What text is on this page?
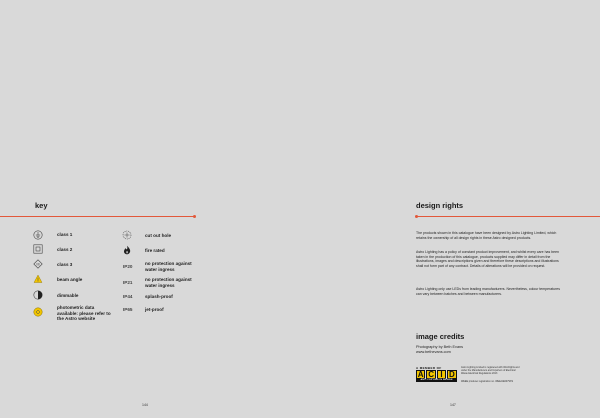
key
III
class 1
class 2
class 3
beam angle
dimmable
photometric data available: please refer to the Astro website
IP20
IP21
IP44
IP65
cut out hole
fire rated
no protection against water ingress
no protection against water ingress
splash-proof
jet-proof
144
design rights
The products shown in this catalogue have been designed by Astro Lighting Limited, which retains the ownership of all design rights in these Astro designed products.
Astro Lighting has a policy of constant product improvement, and whilst every care has been taken in the production of this catalogue, products supplied may differ in detail from the illustrations, images and descriptions given and therefore these descriptions and illustrations shall not form part of any contract. Details of alterations will be provided on request.
Astro Lighting only use LEDs from leading manufacturers. Nevertheless, colour temperatures can vary between batches and between manufacturers.
image credits
Photography by Beth Evans
www.bethevans.com
A MEMBER OF
A C I D
ANTI COPYING IN DESIGN
Astro Lighting Limited is registered with Wordrights and under the Manufacturers and Importers of Electrical Waste Electrical Regulations 2013
WEEE producer registration no. WEE/AE0079XS
147
